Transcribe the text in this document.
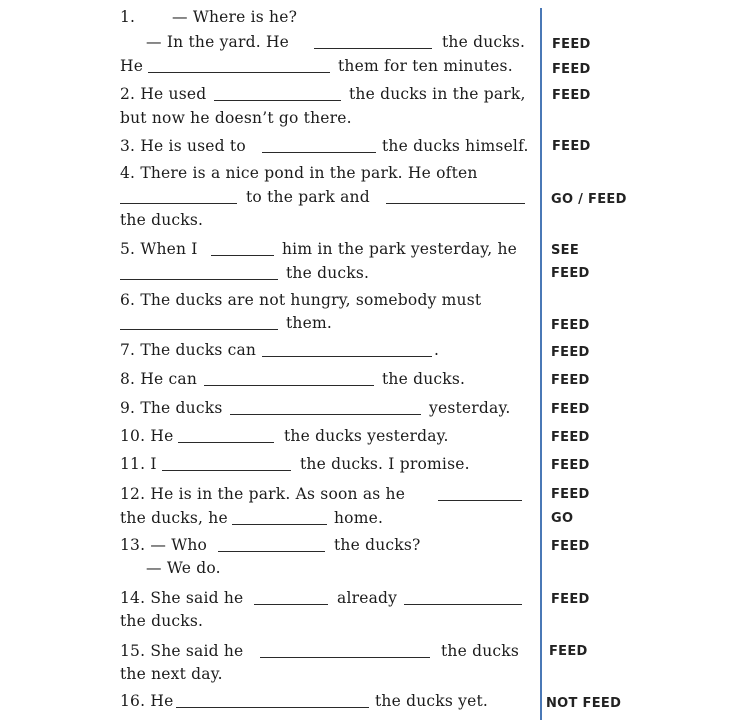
1. — Where is he?
— In the yard. He	the ducks. FEED
He	them for ten minutes.	FEED
2. He used	the ducks in the park, FEED
but now he doesn’t go there.
3. He is used to	the ducks himself. FEED
4. There is a nice pond in the park. He often
to the park and	GO / FEED
the ducks.
5. When I	him in the park yesterday, he	SEE
the ducks.	FEED
6. The ducks are not hungry, somebody must
them.	FEED
7. The ducks can	.	FEED
8. He can	the ducks.	FEED
9. The ducks	yesterday.	FEED
10. He	the ducks yesterday.	FEED
11. I	the ducks. I promise.	FEED
12. He is in the park. As soon as he	FEED
the ducks, he	home.	GO
13. — Who	the ducks?	FEED
— We do.
14. She said he	already	FEED
the ducks.
15. She said he	the ducks FEED
the next day.
16. He	the ducks yet.	NOT FEED
